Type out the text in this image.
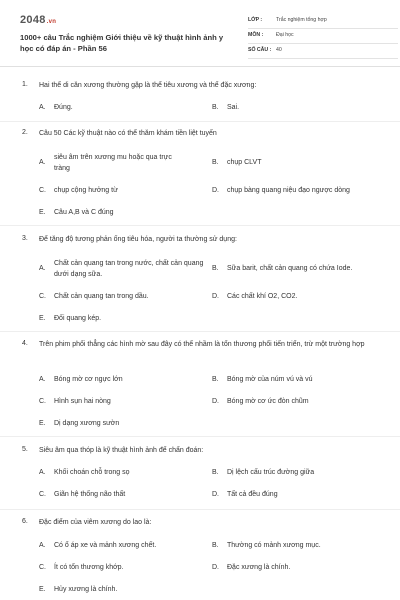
2048.vn
1000+ câu Trắc nghiệm Giới thiệu về kỹ thuật hình ảnh y học có đáp án - Phần 56
LỚP :	Trắc nghiệm tổng hợp
MÔN : Đại học
SỐ CÂU : 40
1. Hai thể di căn xương thường gặp là thể tiêu xương và thể đặc xương:
A. Đúng.	B. Sai.
2. Câu 50 Các kỹ thuật nào có thể thăm khám tiền liệt tuyến
A.
siêu âm trên xương mu hoặc qua trực tràng
B. chụp CLVT
C. chụp cộng hưởng từ	D. chụp bàng quang niệu đạo ngược dòng
E. Câu A,B và C đúng
3. Để tăng độ tương phản ống tiêu hóa, người ta thường sử dụng:
A.
Chất cản quang tan trong nước, chất cản quang dưới dạng sữa.
B. Sữa barit, chất cản quang có chứa Iode.
C. Chất cản quang tan trong dầu.	D. Các chất khí O2, CO2.
E. Đối quang kép.
4. Trên phim phổi thẳng các hình mờ sau đây có thể nhầm là tổn thương phổi tiến triển, trừ một trường hợp
A. Bóng mờ cơ ngực lớn	B. Bóng mờ của núm vú và vú
C. Hình sụn hai nòng	D. Bóng mờ cơ ức đòn chũm
E. Dị dạng xương sườn
5. Siêu âm qua thóp là kỹ thuật hình ảnh để chẩn đoán:
A. Khối choán chỗ trong sọ	B. Dị lệch cấu trúc đường giữa
C. Giãn hệ thống não thất	D. Tất cả đều đúng
6. Đặc điểm của viêm xương do lao là:
A. Có ổ áp xe và mảnh xương chết.	B. Thường có mảnh xương mục.
C. Ít có tổn thương khớp.	D. Đặc xương là chính.
E. Hủy xương là chính.
